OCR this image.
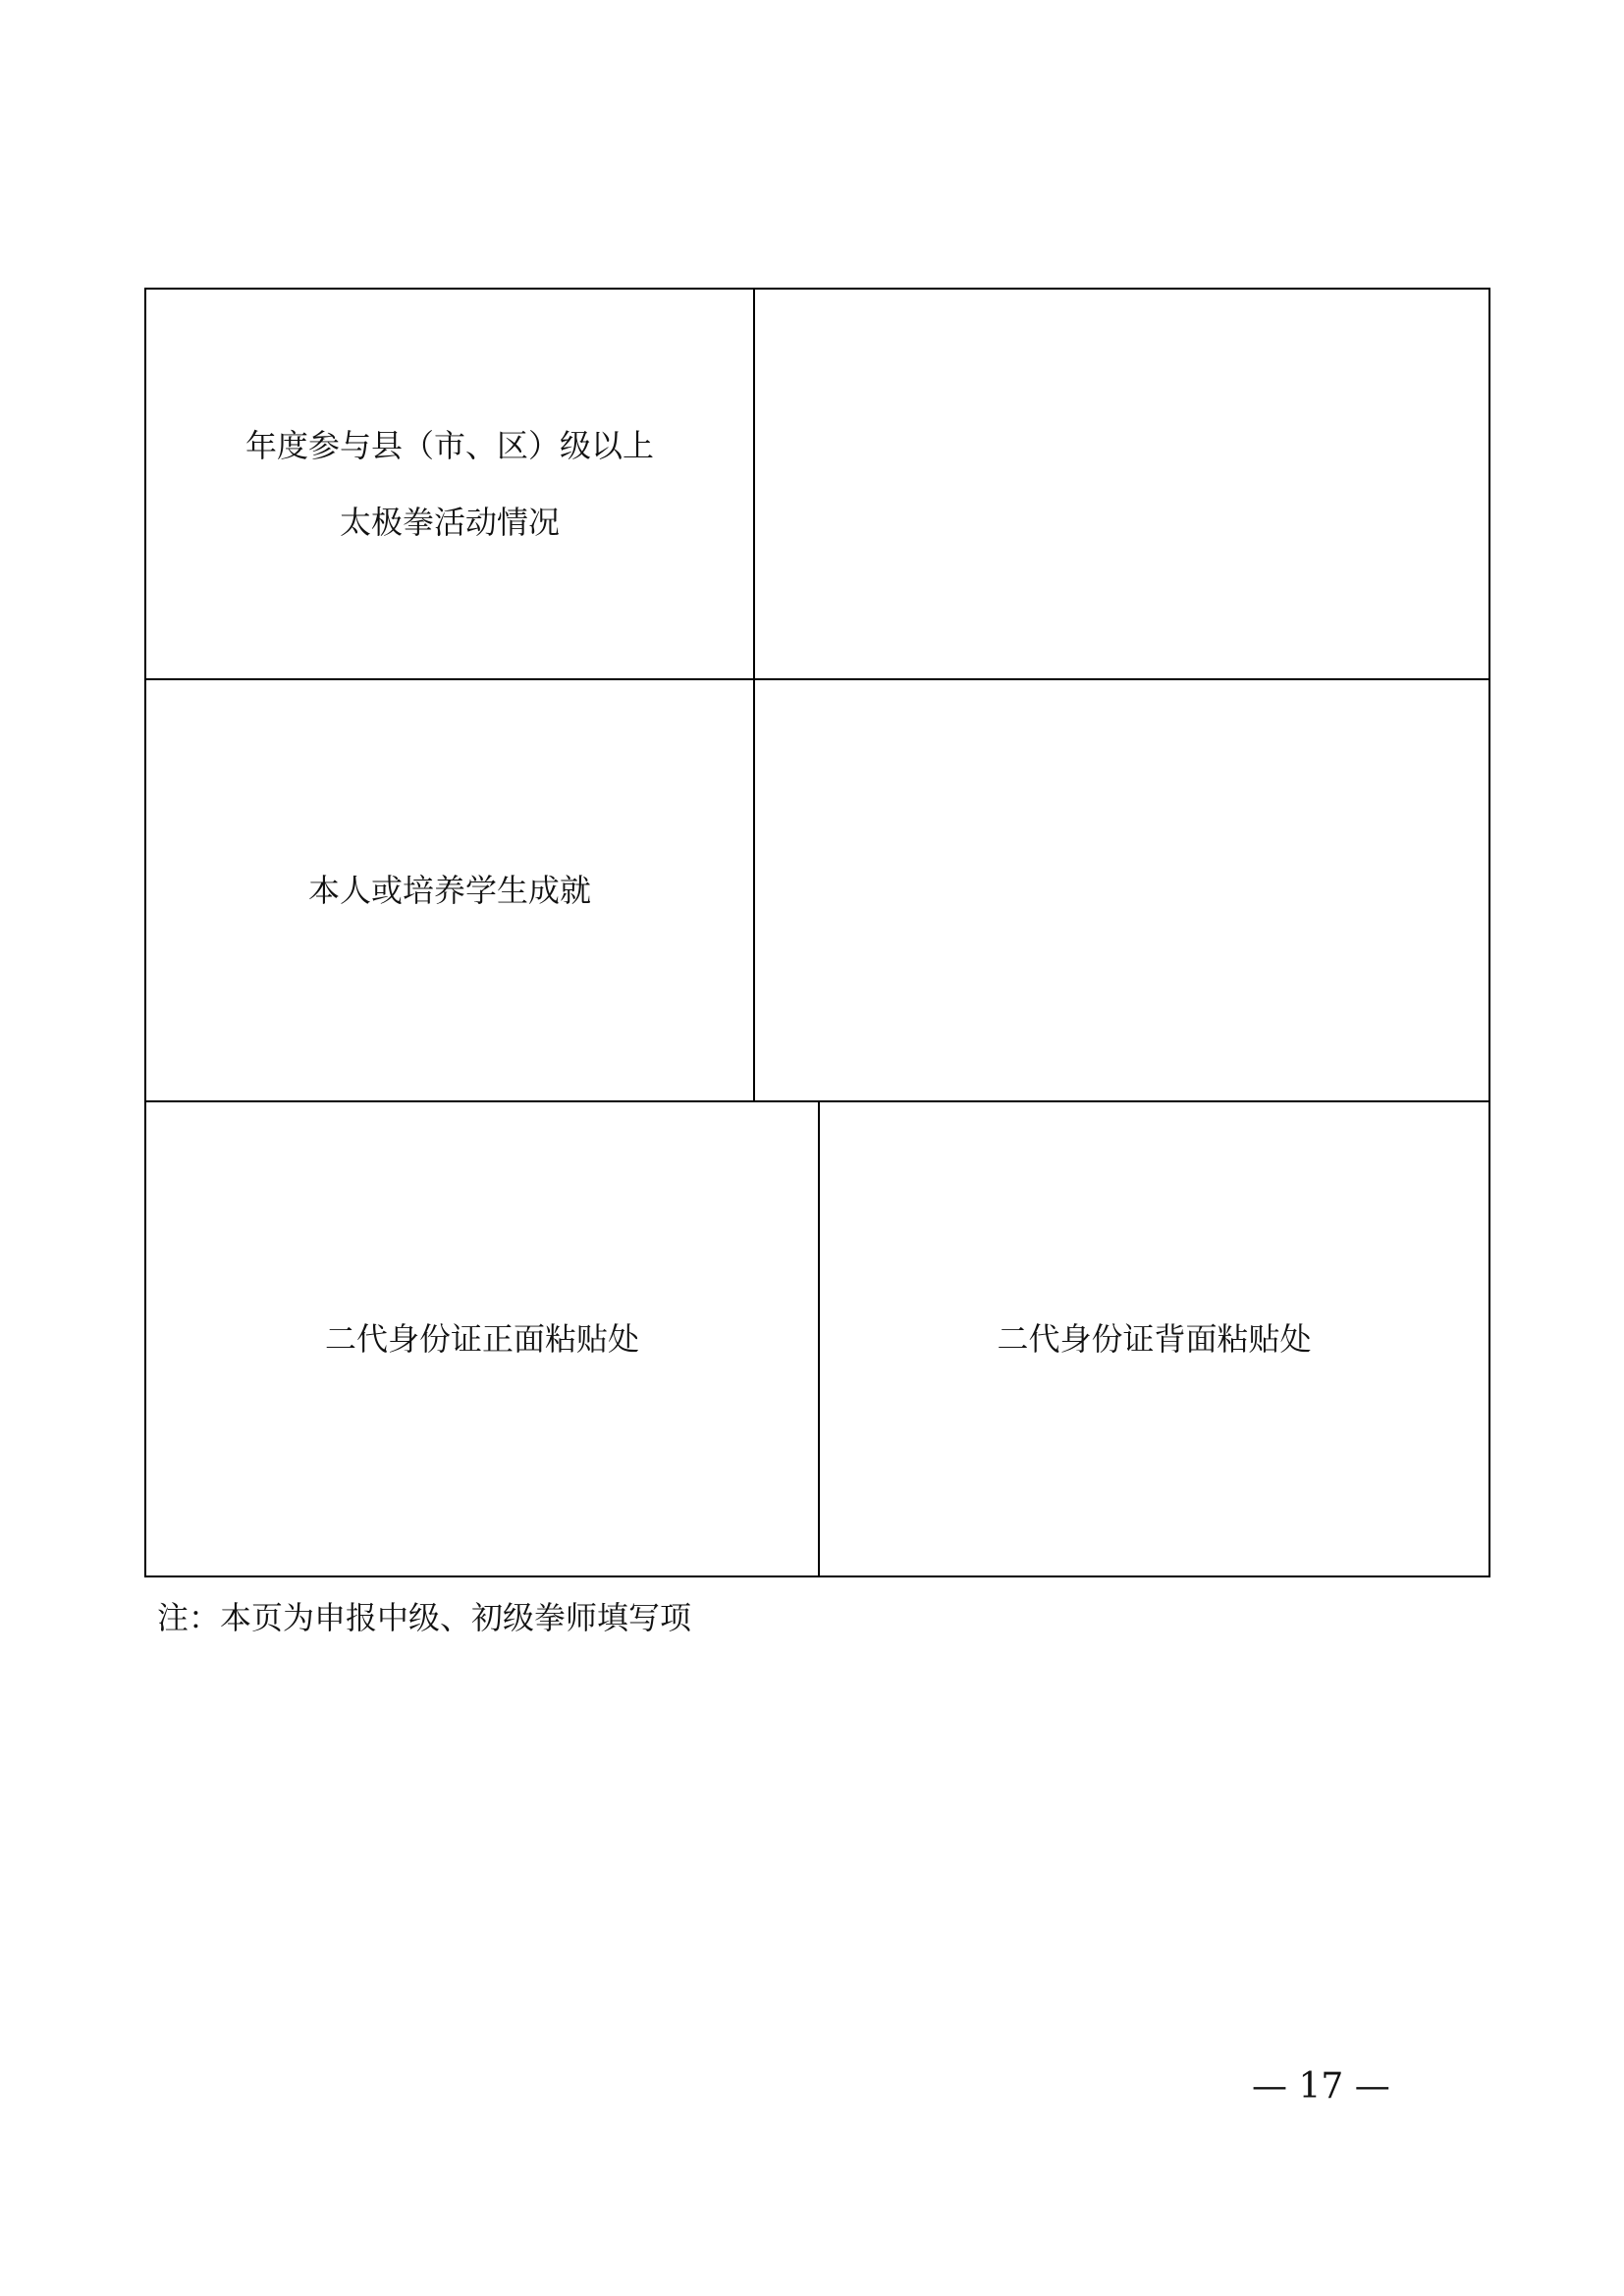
年度参与县（市、区）级以上
太极拳活动情况
本人或培养学生成就
二代身份证正面粘贴处	二代身份证背面粘贴处
注：本页为申报中级、初级拳师填写项
— 17 —
